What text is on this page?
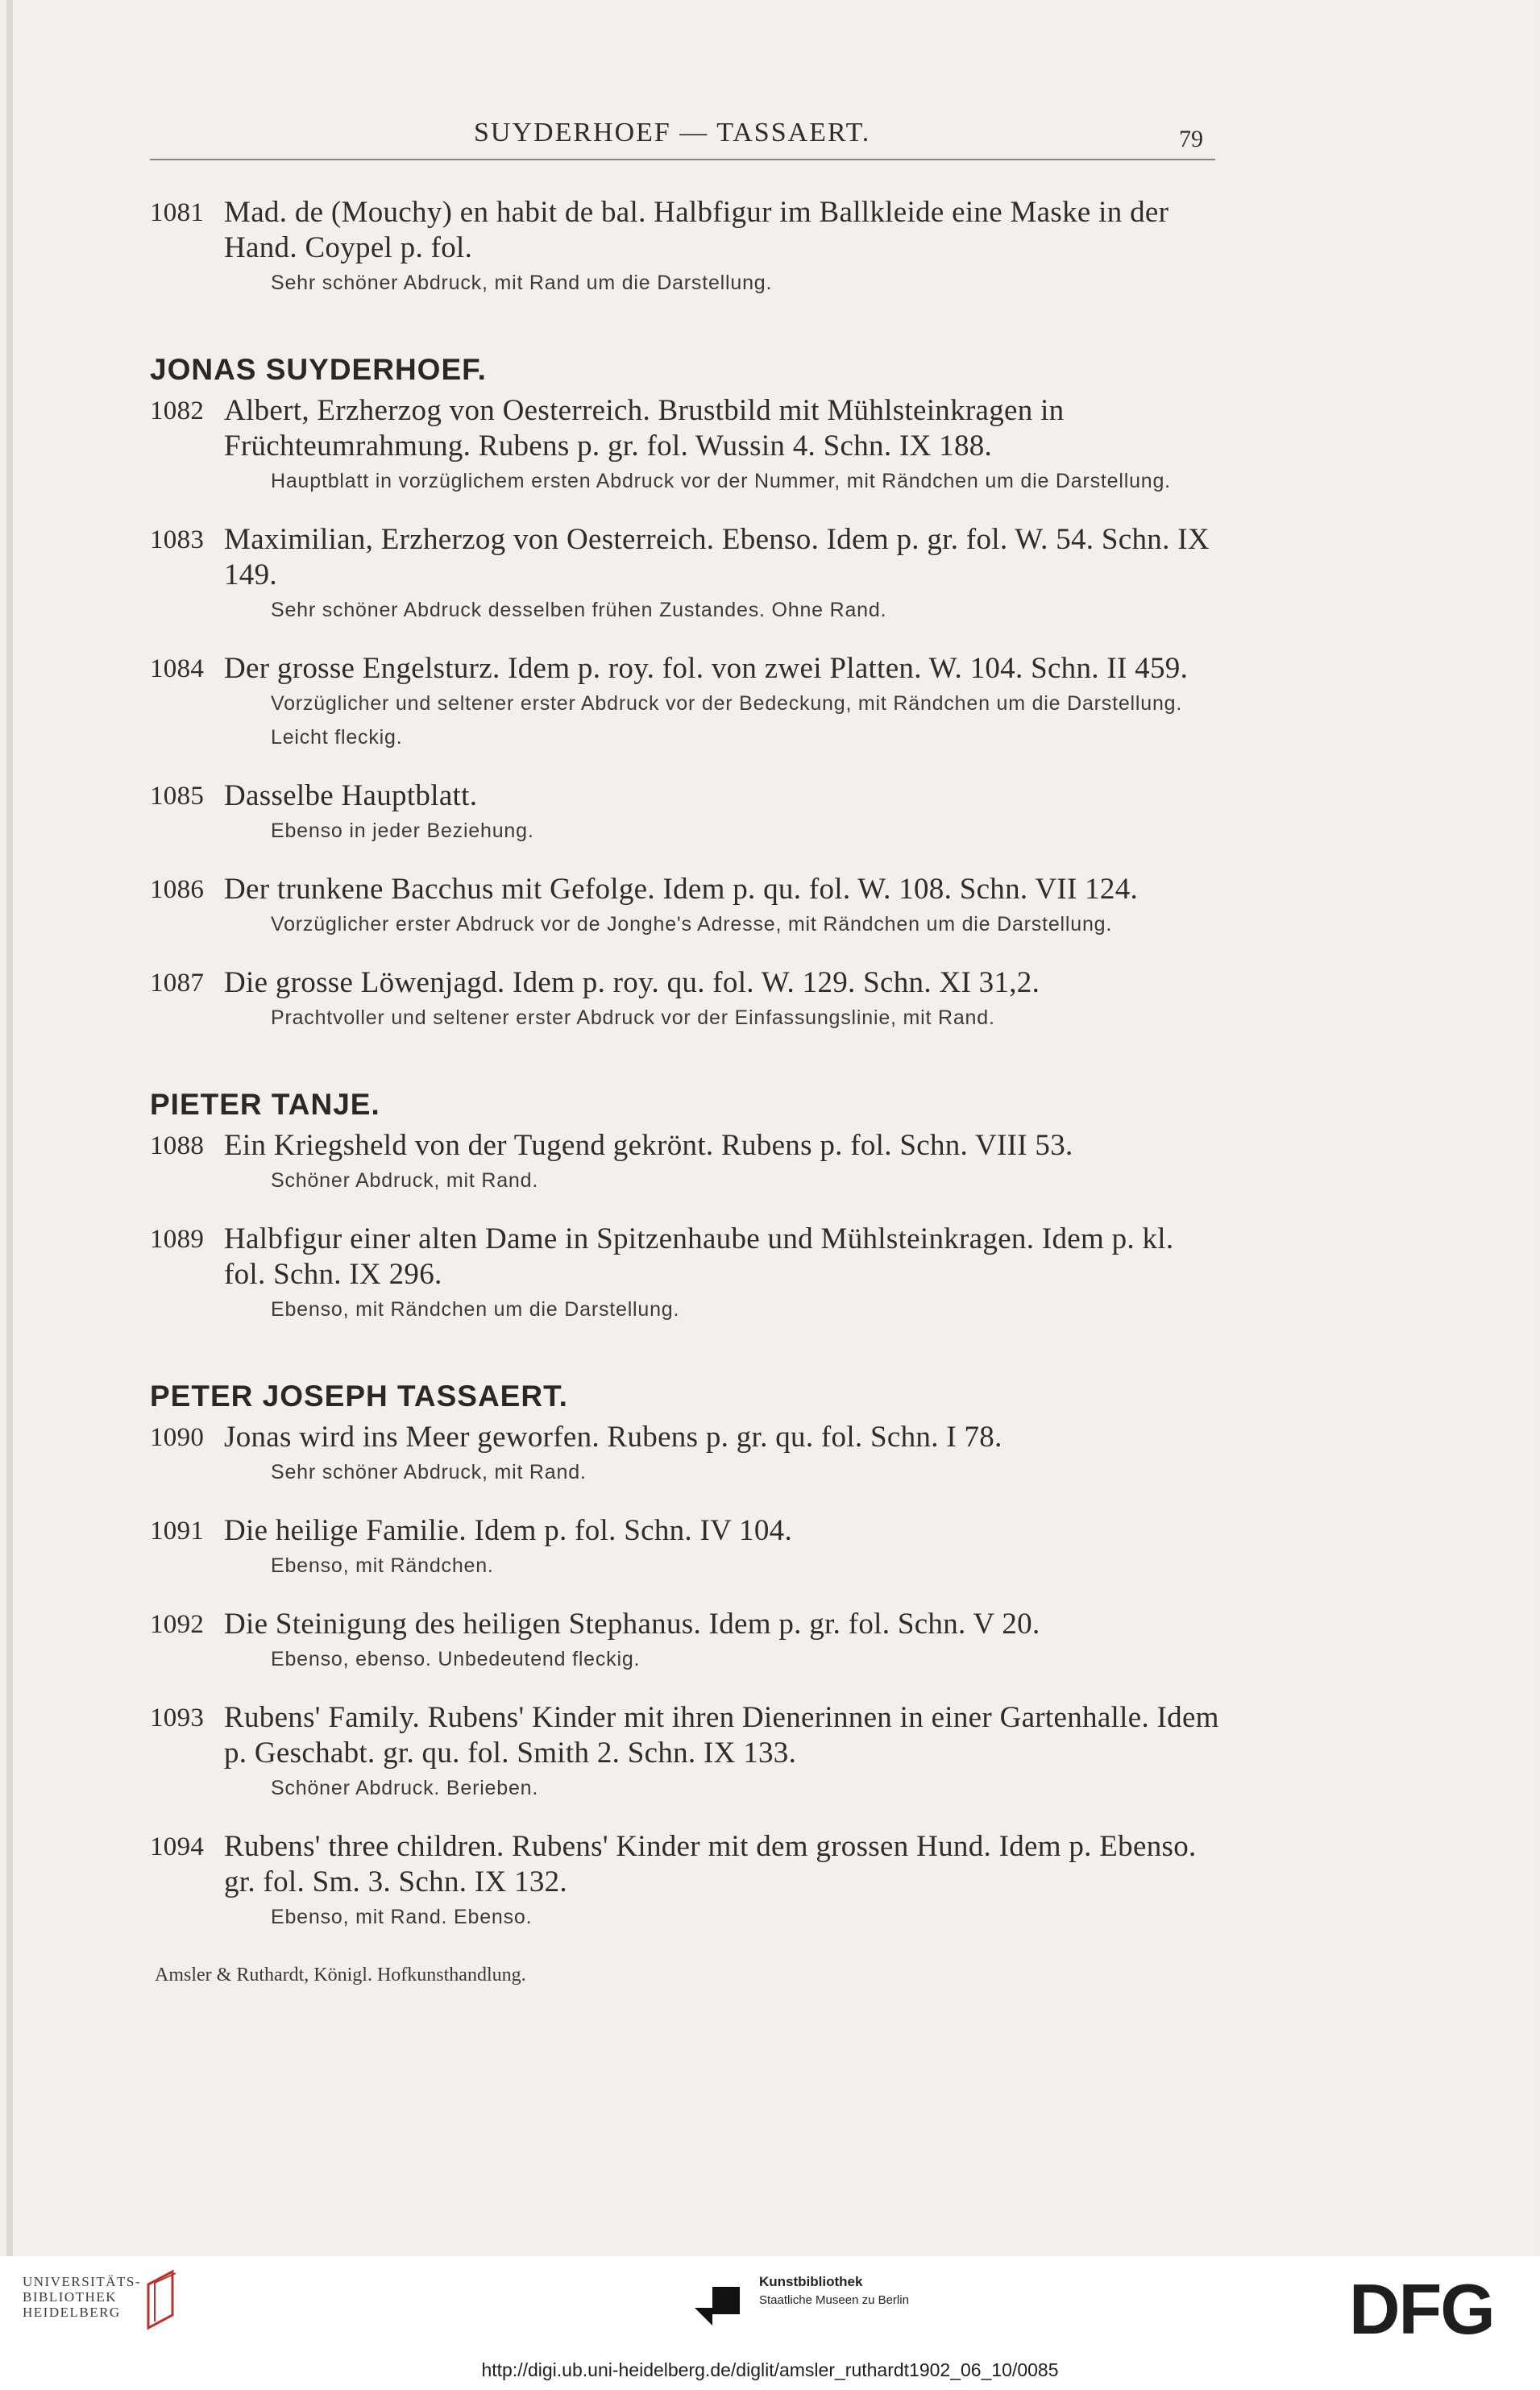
SUYDERHOEF — TASSAERT.	79
1081 Mad. de (Mouchy) en habit de bal. Halbfigur im Ballkleide eine Maske in der Hand. Coypel p. fol.
Sehr schöner Abdruck, mit Rand um die Darstellung.
JONAS SUYDERHOEF.
1082 Albert, Erzherzog von Oesterreich. Brustbild mit Mühlsteinkragen in Früchteumrahmung. Rubens p. gr. fol. Wussin 4. Schn. IX 188.
Hauptblatt in vorzüglichem ersten Abdruck vor der Nummer, mit Rändchen um die Darstellung.
1083 Maximilian, Erzherzog von Oesterreich. Ebenso. Idem p. gr. fol. W. 54. Schn. IX 149.
Sehr schöner Abdruck desselben frühen Zustandes. Ohne Rand.
1084 Der grosse Engelsturz. Idem p. roy. fol. von zwei Platten. W. 104. Schn. II 459.
Vorzüglicher und seltener erster Abdruck vor der Bedeckung, mit Rändchen um die Darstellung. Leicht fleckig.
1085 Dasselbe Hauptblatt.
Ebenso in jeder Beziehung.
1086 Der trunkene Bacchus mit Gefolge. Idem p. qu. fol. W. 108. Schn. VII 124.
Vorzüglicher erster Abdruck vor de Jonghe's Adresse, mit Rändchen um die Darstellung.
1087 Die grosse Löwenjagd. Idem p. roy. qu. fol. W. 129. Schn. XI 31,2.
Prachtvoller und seltener erster Abdruck vor der Einfassungslinie, mit Rand.
PIETER TANJE.
1088 Ein Kriegsheld von der Tugend gekrönt. Rubens p. fol. Schn. VIII 53.
Schöner Abdruck, mit Rand.
1089 Halbfigur einer alten Dame in Spitzenhaube und Mühlsteinkragen. Idem p. kl. fol. Schn. IX 296.
Ebenso, mit Rändchen um die Darstellung.
PETER JOSEPH TASSAERT.
1090 Jonas wird ins Meer geworfen. Rubens p. gr. qu. fol. Schn. I 78.
Sehr schöner Abdruck, mit Rand.
1091 Die heilige Familie. Idem p. fol. Schn. IV 104.
Ebenso, mit Rändchen.
1092 Die Steinigung des heiligen Stephanus. Idem p. gr. fol. Schn. V 20.
Ebenso, ebenso. Unbedeutend fleckig.
1093 Rubens' Family. Rubens' Kinder mit ihren Dienerinnen in einer Gartenhalle. Idem p. Geschabt. gr. qu. fol. Smith 2. Schn. IX 133.
Schöner Abdruck. Berieben.
1094 Rubens' three children. Rubens' Kinder mit dem grossen Hund. Idem p. Ebenso. gr. fol. Sm. 3. Schn. IX 132.
Ebenso, mit Rand. Ebenso.
Amsler & Ruthardt, Königl. Hofkunsthandlung.
UNIVERSITÄTS-
BIBLIOTHEK
HEIDELBERG
Kunstbibliothek
Staatliche Museen zu Berlin	DFG
http://digi.ub.uni-heidelberg.de/diglit/amsler_ruthardt1902_06_10/0085
